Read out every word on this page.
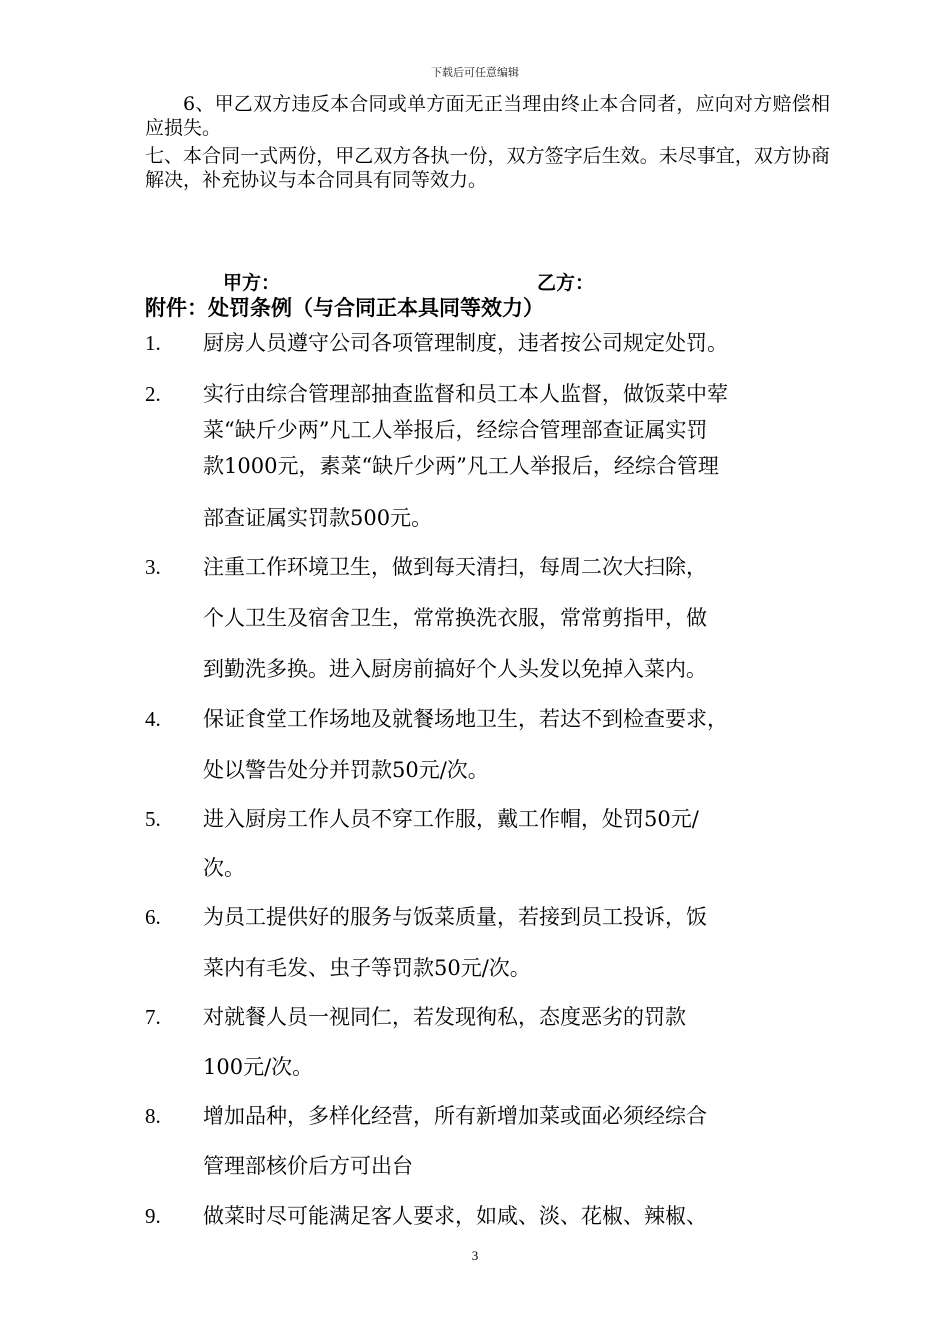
下载后可任意编辑
6、甲乙双方违反本合同或单方面无正当理由终止本合同者，应向对方赔偿相应损失。
七、本合同一式两份，甲乙双方各执一份，双方签字后生效。未尽事宜，双方协商解决，补充协议与本合同具有同等效力。
甲方：	乙方：
附件：处罚条例（与合同正本具同等效力）
1. 厨房人员遵守公司各项管理制度，违者按公司规定处罚。
2. 实行由综合管理部抽查监督和员工本人监督，做饭菜中荤
菜“缺斤少两”凡工人举报后，经综合管理部查证属实罚
款1000元，素菜“缺斤少两”凡工人举报后，经综合管理
部查证属实罚款500元。
3. 注重工作环境卫生，做到每天清扫，每周二次大扫除，
个人卫生及宿舍卫生，常常换洗衣服，常常剪指甲，做
到勤洗多换。进入厨房前搞好个人头发以免掉入菜内。
4. 保证食堂工作场地及就餐场地卫生，若达不到检查要求，
处以警告处分并罚款50元/次。
5. 进入厨房工作人员不穿工作服，戴工作帽，处罚50元/
次。
6. 为员工提供好的服务与饭菜质量，若接到员工投诉，饭
菜内有毛发、虫子等罚款50元/次。
7. 对就餐人员一视同仁，若发现徇私，态度恶劣的罚款
100元/次。
8. 增加品种，多样化经营，所有新增加菜或面必须经综合
管理部核价后方可出台
9. 做菜时尽可能满足客人要求，如咸、淡、花椒、辣椒、
3
